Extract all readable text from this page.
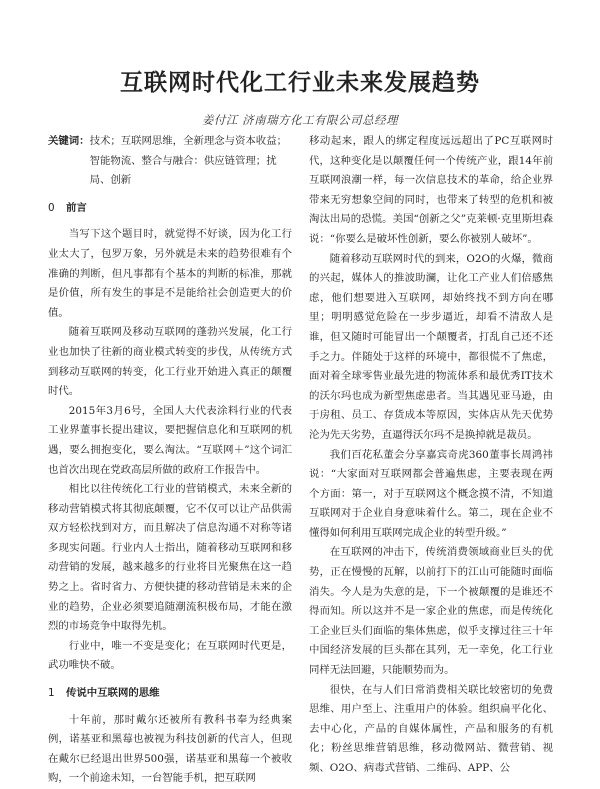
互联网时代化工行业未来发展趋势
姜付江 济南瑞方化工有限公司总经理
关键词： 技术；互联网思维，全新理念与资本收益；智能物流、整合与融合：供应链管理；扰局、创新
0 前言

当写下这个题目时，就觉得不好谈，因为化工行业太大了，包罗万象，另外就是未来的趋势很难有个准确的判断，但凡事都有个基本的判断的标准，那就是价值，所有发生的事是不是能给社会创造更大的价值。

随着互联网及移动互联网的蓬勃兴发展，化工行业也加快了往新的商业模式转变的步伐，从传统方式到移动互联网的转变，化工行业开始进入真正的颠覆时代。

2015年3月6号，全国人大代表涂料行业的代表工业界董事长提出建议，要把握信息化和互联网的机遇，要么拥抱变化，要么淘汰。“互联网＋”这个词汇也首次出现在党政高层所做的政府工作报告中。

相比以往传统化工行业的营销模式，未来全新的移动营销模式将其彻底颠覆，它不仅可以让产品供需双方轻松找到对方，而且解决了信息沟通不对称等诸多现实问题。行业内人士指出，随着移动互联网和移动营销的发展，越来越多的行业将目光聚焦在这一趋势之上。省时省力、方便快捷的移动营销是未来的企业的趋势，企业必须要追随潮流积极布局，才能在激烈的市场竞争中取得先机。

行业中，唯一不变是变化；在互联网时代更是，武功唯快不破。

1 传说中互联网的思维

十年前，那时戴尔还被所有教科书奉为经典案例，诺基亚和黑莓也被视为科技创新的代言人，但现在戴尔已经退出世界500强，诺基亚和黑莓一个被收购，一个前途未知，一台智能手机，把互联网

移动起来，跟人的绑定程度远远超出了PC互联网时代，这种变化是以颠覆任何一个传统产业，跟14年前互联网浪潮一样，每一次信息技术的革命，给企业界带来无穷想象空间的同时，也带来了转型的危机和被淘汰出局的恐慌。美国“创新之父”克莱顿·克里斯坦森说：“你要么是破坏性创新，要么你被别人破坏”。

随着移动互联网时代的到来，O2O的火爆，微商的兴起，媒体人的推波助澜，让化工产业人们倍感焦虑，他们想要进入互联网，却始终找不到方向在哪里；明明感觉危险在一步步逼近，却看不清敌人是谁，但又随时可能冒出一个颠覆者，打乱自己还不还手之力。伴随处于这样的环境中，都很慌不了焦虑，面对着全球零售业最先进的物流体系和最优秀IT技术的沃尔玛也成为新型焦虑患者。当其遇见亚马逊，由于房租、员工、存货成本等原因，实体店从先天优势沦为先天劣势，直逼得沃尔玛不是换掉就是裁员。

我们百花私董会分享嘉宾奇虎360董事长周鸿祎说：“大家面对互联网都会普遍焦虑，主要表现在两个方面：第一，对于互联网这个概念摸不清，不知道互联网对于企业自身意味着什么。第二，现在企业不懂得如何利用互联网完成企业的转型升级。”

在互联网的冲击下，传统消费领域商业巨头的优势，正在慢慢的瓦解，以前打下的江山可能随时面临消失。今人是为失意的是，下一个被颠覆的是谁还不得而知。所以这并不是一家企业的焦虑，而是传统化工企业巨头们面临的集体焦虑，似乎支撑过往三十年中国经济发展的巨头都在其列，无一幸免，化工行业同样无法回避，只能顺势而为。

很快，在与人们日常消费相关联比较密切的免费思维、用户至上、注重用户的体验。组织扁平化化、去中心化，产品的自媒体属性，产品和服务的有机化；粉丝思维营销思维，移动微网站、微营销、视频、O2O、病毒式营销、二维码、APP、公
